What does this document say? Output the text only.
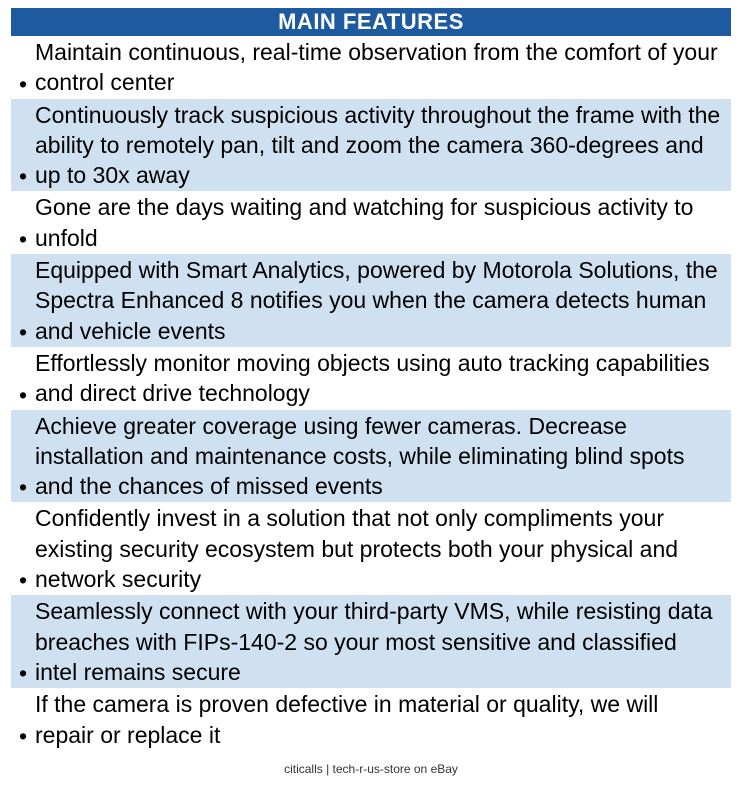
MAIN FEATURES
•
Maintain continuous, real-time observation from the comfort of your control center
•
Continuously track suspicious activity throughout the frame with the ability to remotely pan, tilt and zoom the camera 360-degrees and up to 30x away
•
Gone are the days waiting and watching for suspicious activity to unfold
•
Equipped with Smart Analytics, powered by Motorola Solutions, the Spectra Enhanced 8 notifies you when the camera detects human and vehicle events
•
Effortlessly monitor moving objects using auto tracking capabilities and direct drive technology
•
Achieve greater coverage using fewer cameras. Decrease installation and maintenance costs, while eliminating blind spots and the chances of missed events
•
Confidently invest in a solution that not only compliments your existing security ecosystem but protects both your physical and network security
•
Seamlessly connect with your third-party VMS, while resisting data breaches with FIPs-140-2 so your most sensitive and classified intel remains secure
•
If the camera is proven defective in material or quality, we will repair or replace it
citicalls | tech-r-us-store on eBay
